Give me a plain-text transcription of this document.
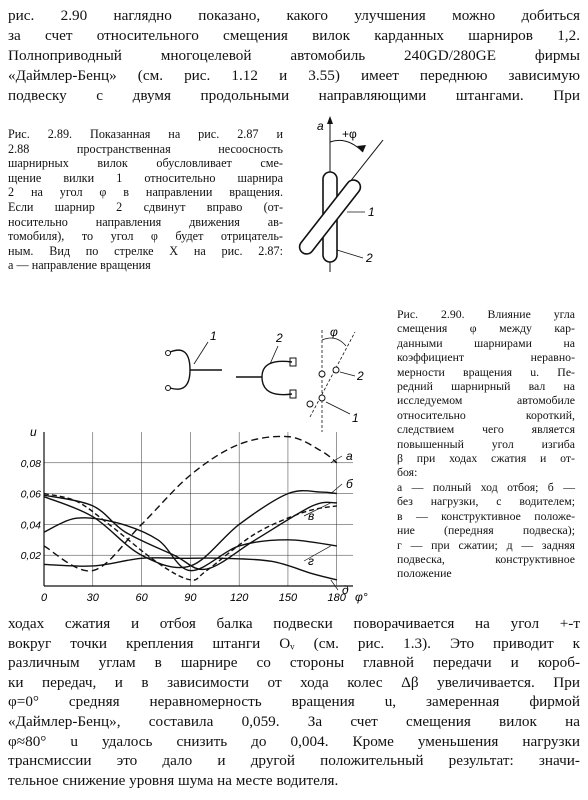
рис. 2.90 наглядно показано, какого улучшения можно добиться
за счет относительного смещения вилок карданных шарниров 1,2.
Полноприводный многоцелевой автомобиль 240GD/280GE фирмы
«Даймлер-Бенц» (см. рис. 1.12 и 3.55) имеет переднюю зависимую
подвеску с двумя продольными направляющими штангами. При
Рис. 2.89. Показанная на рис. 2.87 и
2.88 пространственная несоосность
шарнирных вилок обусловливает сме-
щение вилки 1 относительно шарнира
2 на угол φ в направлении вращения.
Если шарнир 2 сдвинут вправо (от-
носительно направления движения ав-
томобиля), то угол φ будет отрицатель-
ным. Вид по стрелке X на рис. 2.87:
a — направление вращения
a
+φ
1
2
1	2	φ
2
1
a
б
в
г
д
0	30	60	90	120	150	180
0,02
0,04
0,06
0,08
u
φ°
Рис. 2.90. Влияние угла
смещения φ между кар-
данными шарнирами на
коэффициент неравно-
мерности вращения u. Пе-
редний шарнирный вал на
исследуемом автомобиле
относительно короткий,
следствием чего является
повышенный угол изгиба
β при ходах сжатия и от-
боя:
a — полный ход отбоя; б —
без нагрузки, с водителем;
в — конструктивное положе-
ние (передняя подвеска);
г — при сжатии; д — задняя
подвеска, конструктивное
положение
ходах сжатия и отбоя балка подвески поворачивается на угол +-т
вокруг точки крепления штанги Oᵥ (см. рис. 1.3). Это приводит к
различным углам в шарнире со стороны главной передачи и короб-
ки передач, и в зависимости от хода колес Δβ увеличивается. При
φ=0° средняя неравномерность вращения u, замеренная фирмой
«Даймлер-Бенц», составила 0,059. За счет смещения вилок на
φ≈80° u удалось снизить до 0,004. Кроме уменьшения нагрузки
трансмиссии это дало и другой положительный результат: значи-
тельное снижение уровня шума на месте водителя.
